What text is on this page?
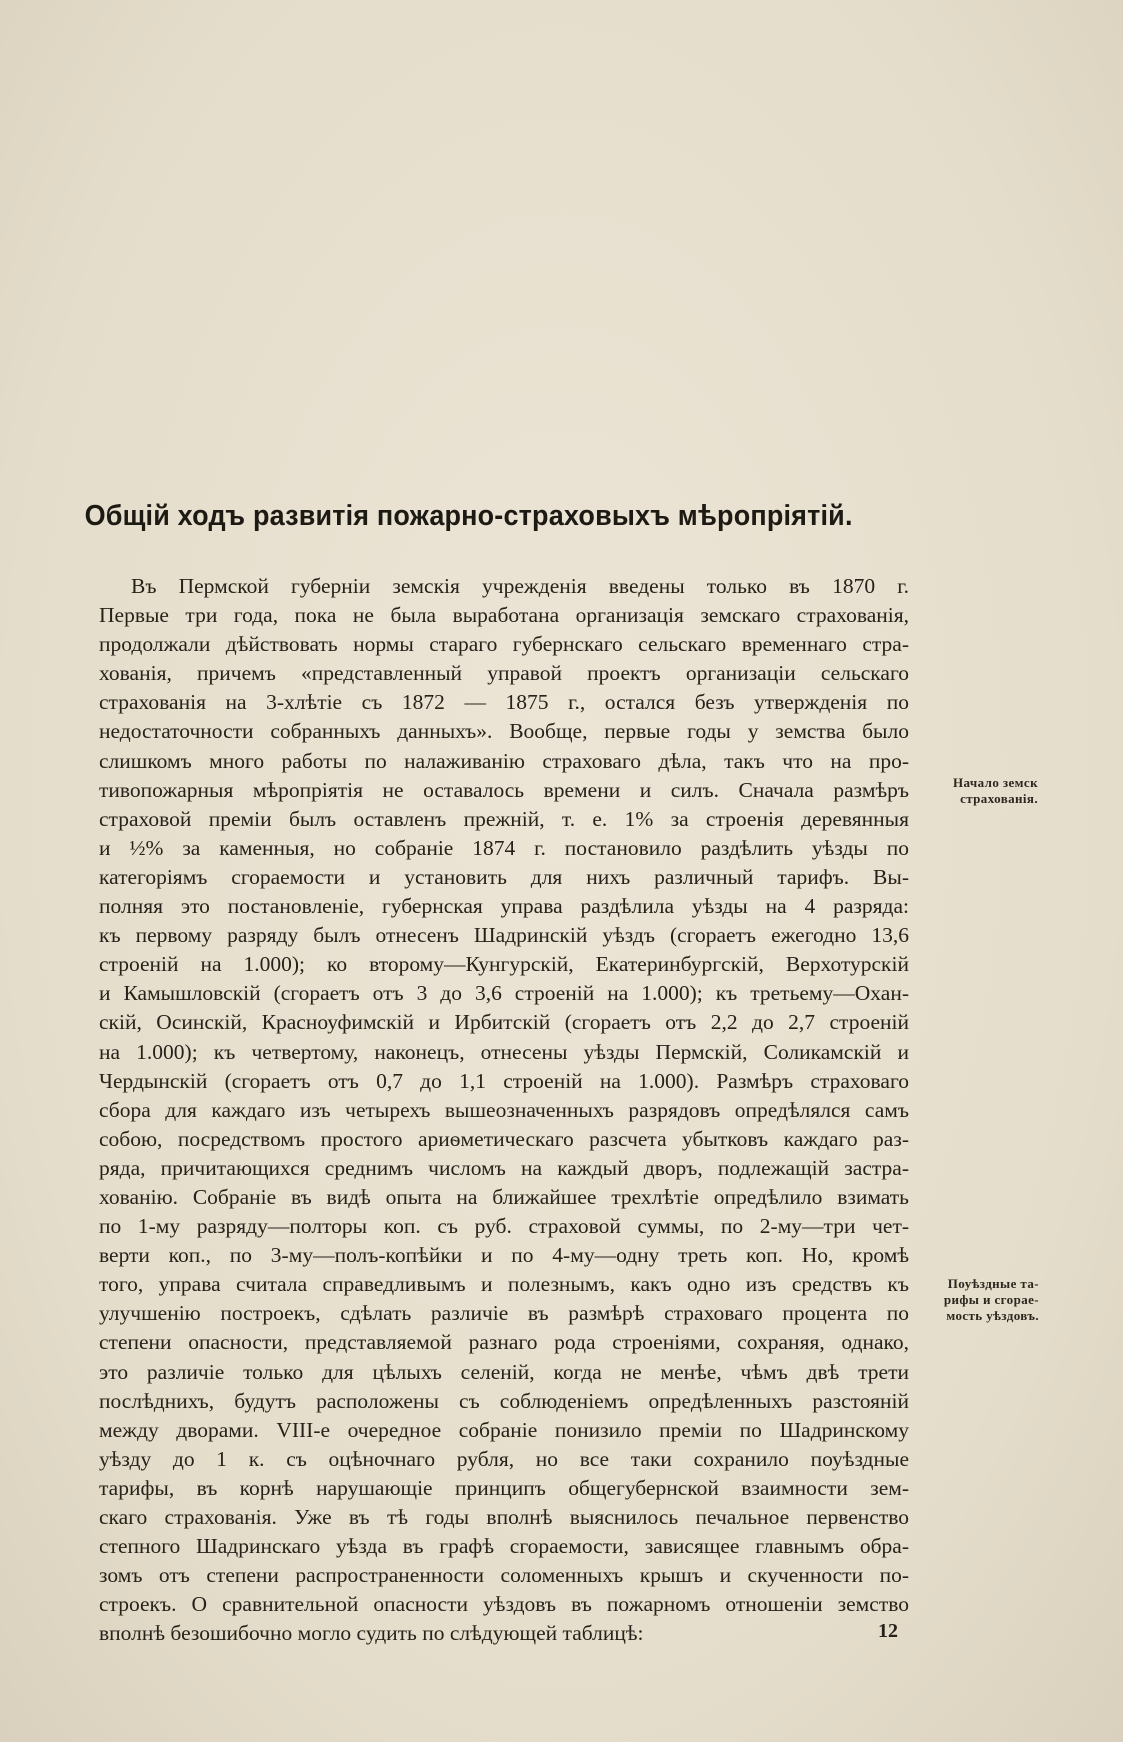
Общій ходъ развитія пожарно-страховыхъ мѣропріятій.
Въ Пермской губерніи земскія учрежденія введены только въ 1870 г.
Первые три года, пока не была выработана организація земскаго страхованія,
продолжали дѣйствовать нормы стараго губернскаго сельскаго временнаго стра-
хованія, причемъ «представленный управой проектъ организаціи сельскаго
страхованія на 3-хлѣтіе съ 1872 — 1875 г., остался безъ утвержденія по
недостаточности собранныхъ данныхъ». Вообще, первые годы у земства было
слишкомъ много работы по налаживанію страховаго дѣла, такъ что на про-
тивопожарныя мѣропріятія не оставалось времени и силъ. Сначала размѣръ
страховой преміи былъ оставленъ прежній, т. е. 1% за строенія деревянныя
и ½% за каменныя, но собраніе 1874 г. постановило раздѣлить уѣзды по
категоріямъ сгораемости и установить для нихъ различный тарифъ. Вы-
полняя это постановленіе, губернская управа раздѣлила уѣзды на 4 разряда:
къ первому разряду былъ отнесенъ Шадринскій уѣздъ (сгораетъ ежегодно 13,6
строеній на 1.000); ко второму—Кунгурскій, Екатеринбургскій, Верхотурскій
и Камышловскій (сгораетъ отъ 3 до 3,6 строеній на 1.000); къ третьему—Охан-
скій, Осинскій, Красноуфимскій и Ирбитскій (сгораетъ отъ 2,2 до 2,7 строеній
на 1.000); къ четвертому, наконецъ, отнесены уѣзды Пермскій, Соликамскій и
Чердынскій (сгораетъ отъ 0,7 до 1,1 строеній на 1.000). Размѣръ страховаго
сбора для каждаго изъ четырехъ вышеозначенныхъ разрядовъ опредѣлялся самъ
собою, посредствомъ простого ариѳметическаго разсчета убытковъ каждаго раз-
ряда, причитающихся среднимъ числомъ на каждый дворъ, подлежащій застра-
хованію. Собраніе въ видѣ опыта на ближайшее трехлѣтіе опредѣлило взимать
по 1-му разряду—полторы коп. съ руб. страховой суммы, по 2-му—три чет-
верти коп., по 3-му—полъ-копѣйки и по 4-му—одну треть коп. Но, кромѣ
того, управа считала справедливымъ и полезнымъ, какъ одно изъ средствъ къ
улучшенію построекъ, сдѣлать различіе въ размѣрѣ страховаго процента по
степени опасности, представляемой разнаго рода строеніями, сохраняя, однако,
это различіе только для цѣлыхъ селеній, когда не менѣе, чѣмъ двѣ трети
послѣднихъ, будутъ расположены съ соблюденіемъ опредѣленныхъ разстояній
между дворами. VIII-е очередное собраніе понизило преміи по Шадринскому
уѣзду до 1 к. съ оцѣночнаго рубля, но все таки сохранило поуѣздные
тарифы, въ корнѣ нарушающіе принципъ общегубернской взаимности зем-
скаго страхованія. Уже въ тѣ годы вполнѣ выяснилось печальное первенство
степного Шадринскаго уѣзда въ графѣ сгораемости, зависящее главнымъ обра-
зомъ отъ степени распространенности соломенныхъ крышъ и скученности по-
строекъ. О сравнительной опасности уѣздовъ въ пожарномъ отношеніи земство
вполнѣ безошибочно могло судить по слѣдующей таблицѣ:
Начало земск
страхованія.
Поуѣздные та-
рифы и сгорае-
мость уѣздовъ.
12
